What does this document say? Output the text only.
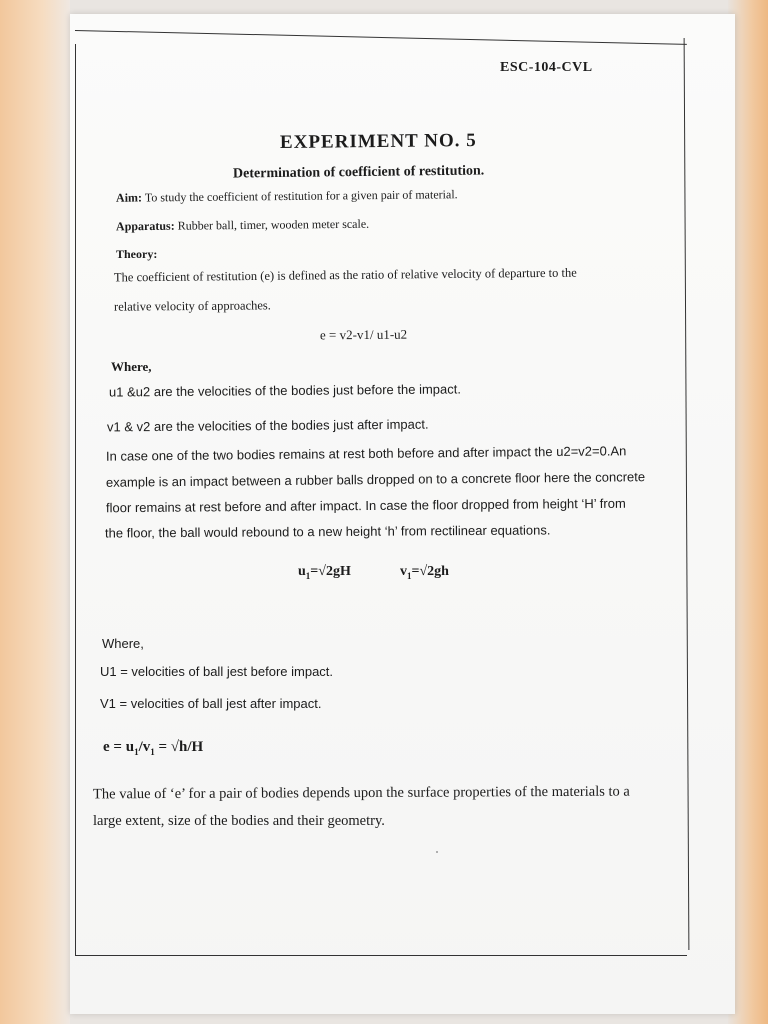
ESC-104-CVL
EXPERIMENT NO. 5
Determination of coefficient of restitution.
Aim: To study the coefficient of restitution for a given pair of material.
Apparatus: Rubber ball, timer, wooden meter scale.
Theory:
The coefficient of restitution (e) is defined as the ratio of relative velocity of departure to the
relative velocity of approaches.
e = v2-v1/ u1-u2
Where,
u1 &u2 are the velocities of the bodies just before the impact.
v1 & v2 are the velocities of the bodies just after impact.
In case one of the two bodies remains at rest both before and after impact the u2=v2=0.An
example is an impact between a rubber balls dropped on to a concrete floor here the concrete
floor remains at rest before and after impact. In case the floor dropped from height ‘H’ from
the floor, the ball would rebound to a new height ‘h’ from rectilinear equations.
$u_1=√2gH$	$v_1=√2gh$
Where,
U1 = velocities of ball jest before impact.
V1 = velocities of ball jest after impact.
$e = u_1/v_1 = √h/H$
The value of ‘e’ for a pair of bodies depends upon the surface properties of the materials to a
large extent, size of the bodies and their geometry.
